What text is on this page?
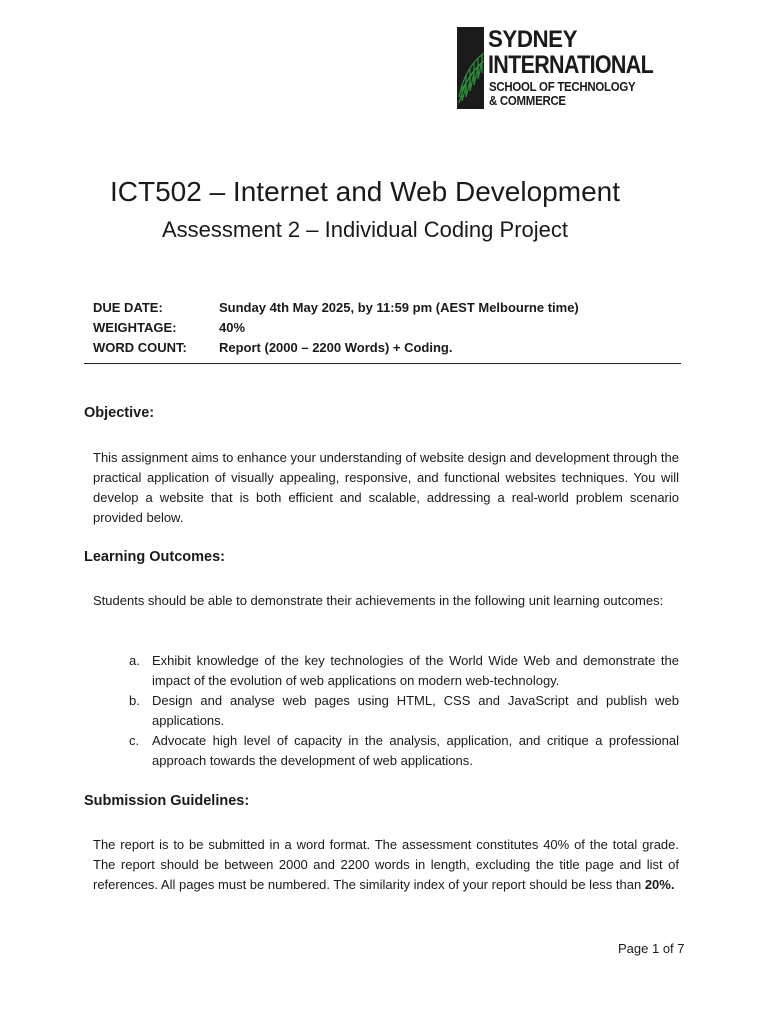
SYDNEY
INTERNATIONAL
SCHOOL OF TECHNOLOGY
& COMMERCE
ICT502 – Internet and Web Development
Assessment 2 – Individual Coding Project
DUE DATE:	Sunday 4th May 2025, by 11:59 pm (AEST Melbourne time)
WEIGHTAGE:	40%
WORD COUNT: Report (2000 – 2200 Words) + Coding.
Objective:
This assignment aims to enhance your understanding of website design and development through the practical application of visually appealing, responsive, and functional websites techniques. You will develop a website that is both efficient and scalable, addressing a real-world problem scenario provided below.
Learning Outcomes:
Students should be able to demonstrate their achievements in the following unit learning outcomes:
a. Exhibit knowledge of the key technologies of the World Wide Web and demonstrate the impact of the evolution of web applications on modern web-technology.
b. Design and analyse web pages using HTML, CSS and JavaScript and publish web applications.
c. Advocate high level of capacity in the analysis, application, and critique a professional approach towards the development of web applications.
Submission Guidelines:
The report is to be submitted in a word format. The assessment constitutes 40% of the total grade. The report should be between 2000 and 2200 words in length, excluding the title page and list of references. All pages must be numbered. The similarity index of your report should be less than 20%.
Page 1 of 7
